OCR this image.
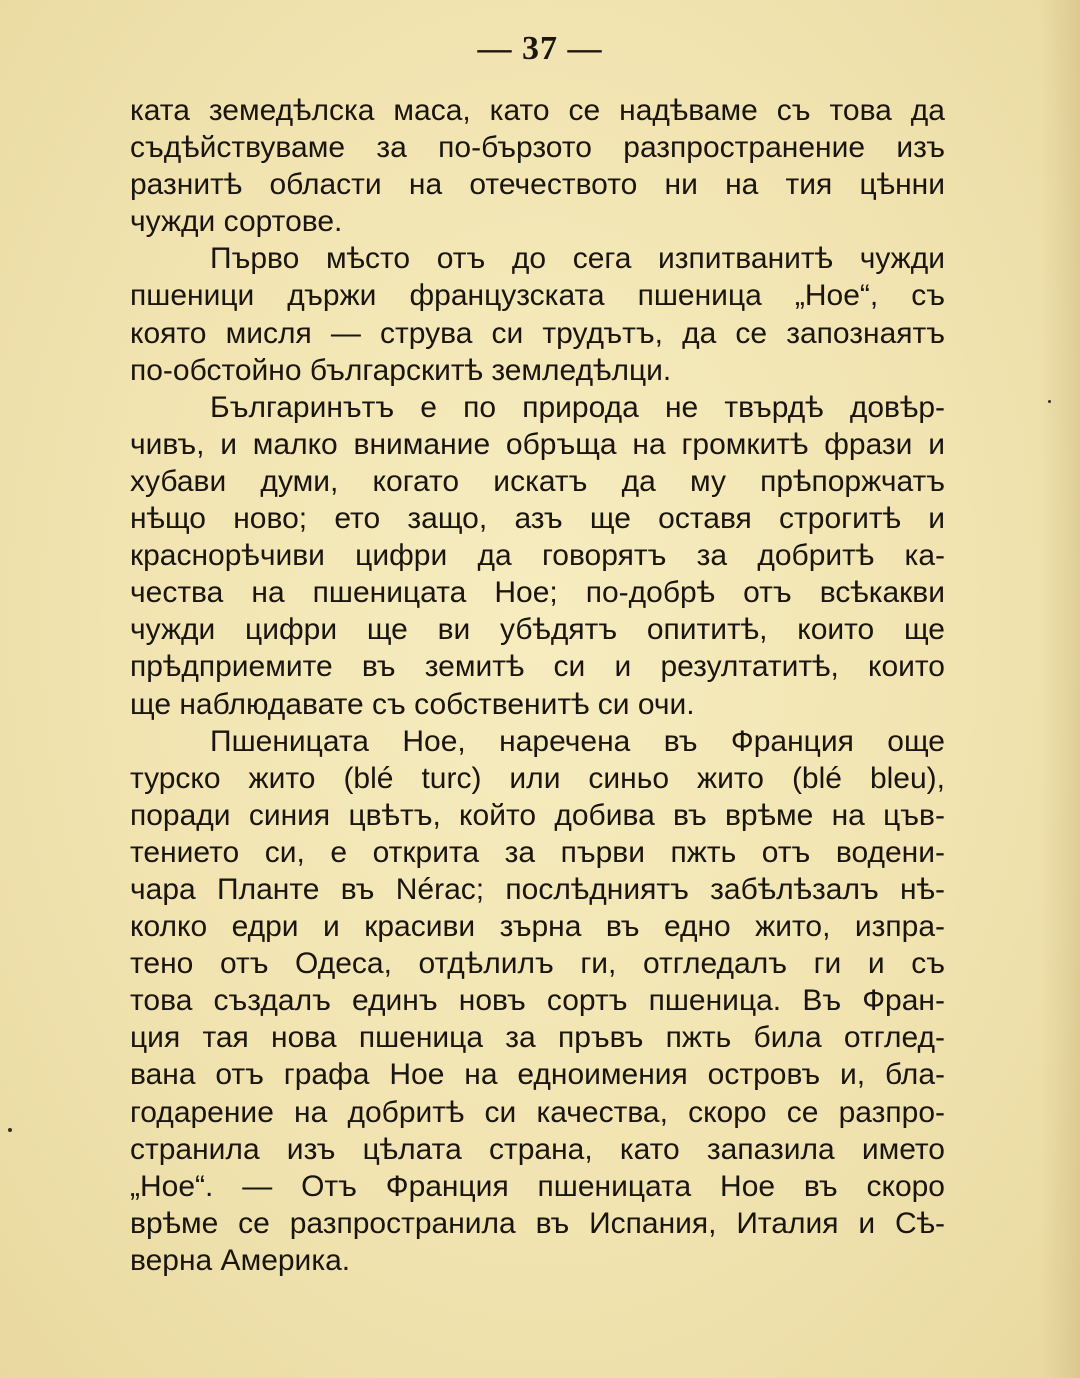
— 37 —
ката земедѣлска маса, като се надѣваме съ това да
съдѣйствуваме за по-бързото разпространение изъ
разнитѣ области на отечеството ни на тия цѣнни
чужди сортове.
Първо мѣсто отъ до сега изпитванитѣ чужди
пшеници държи французската пшеница „Ное“, съ
която мисля — струва си трудътъ, да се запознаятъ
по-обстойно българскитѣ земледѣлци.
Българинътъ е по природа не твърдѣ довѣр-
чивъ, и малко внимание обръща на громкитѣ фрази и
хубави думи, когато искатъ да му прѣпоржчатъ
нѣщо ново; ето защо, азъ ще оставя строгитѣ и
краснорѣчиви цифри да говорятъ за добритѣ ка-
чества на пшеницата Ное; по-добрѣ отъ всѣкакви
чужди цифри ще ви убѣдятъ опититѣ, които ще
прѣдприемите въ земитѣ си и резултатитѣ, които
ще наблюдавате съ собственитѣ си очи.
Пшеницата Ное, наречена въ Франция още
турско жито (blé turc) или синьо жито (blé bleu),
поради синия цвѣтъ, който добива въ врѣме на цъв-
тението си, е открита за първи пжть отъ водени-
чара Планте въ Nérac; послѣдниятъ забѣлѣзалъ нѣ-
колко едри и красиви зърна въ едно жито, изпра-
тено отъ Одеса, отдѣлилъ ги, отгледалъ ги и съ
това създалъ единъ новъ сортъ пшеница. Въ Фран-
ция тая нова пшеница за пръвъ пжть била отглед-
вана отъ графа Ное на едноимения островъ и, бла-
годарение на добритѣ си качества, скоро се разпро-
странила изъ цѣлата страна, като запазила името
„Ное“. — Отъ Франция пшеницата Ное въ скоро
врѣме се разпространила въ Испания, Италия и Сѣ-
верна Америка.
